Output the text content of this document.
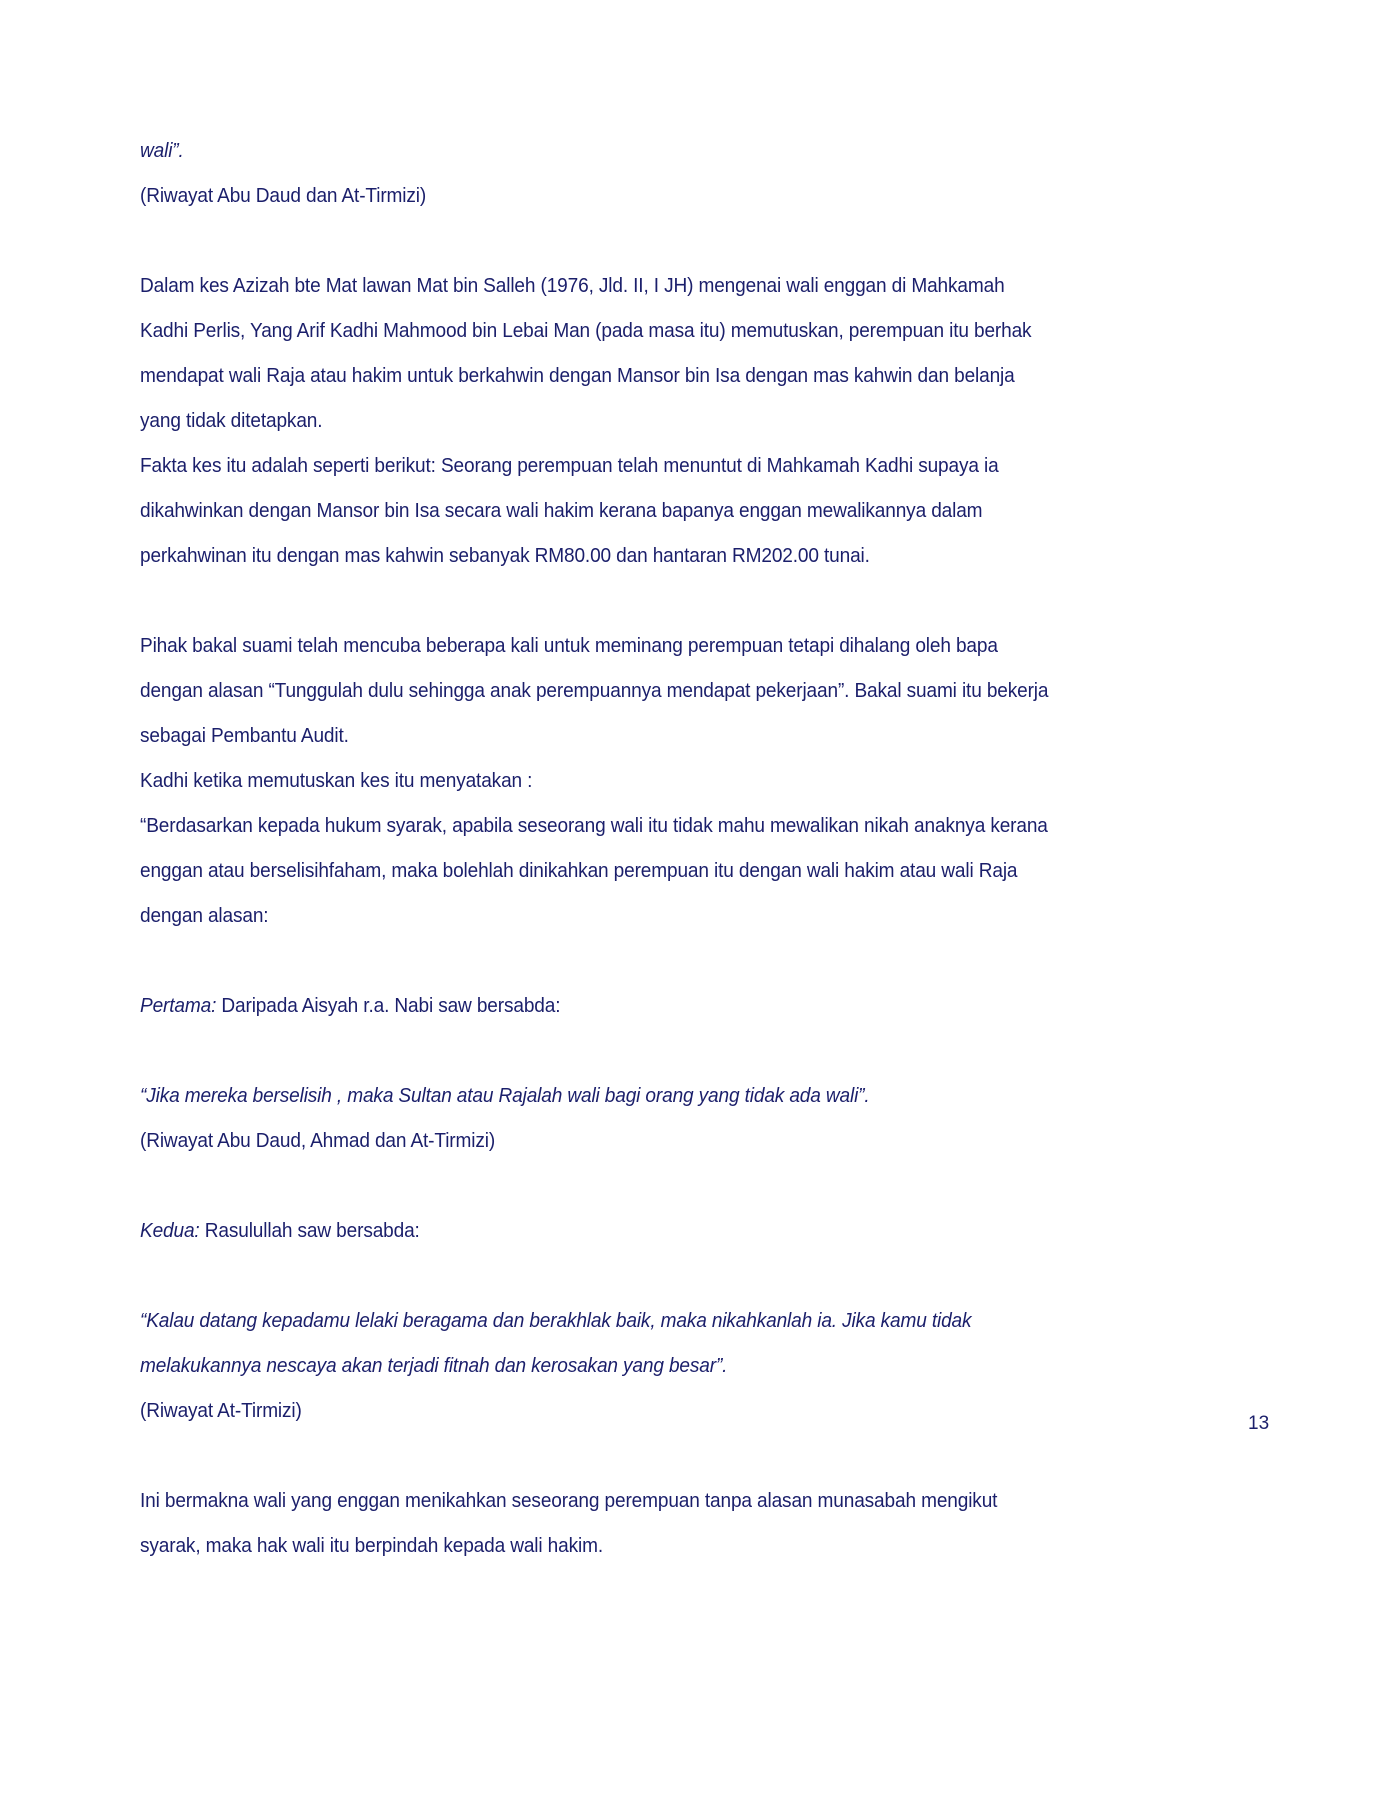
wali”.

(Riwayat Abu Daud dan At-Tirmizi)

Dalam kes Azizah bte Mat lawan Mat bin Salleh (1976, Jld. II, I JH) mengenai wali enggan di Mahkamah Kadhi Perlis, Yang Arif Kadhi Mahmood bin Lebai Man (pada masa itu) memutuskan, perempuan itu berhak mendapat wali Raja atau hakim untuk berkahwin dengan Mansor bin Isa dengan mas kahwin dan belanja yang tidak ditetapkan.

Fakta kes itu adalah seperti berikut: Seorang perempuan telah menuntut di Mahkamah Kadhi supaya ia dikahwinkan dengan Mansor bin Isa secara wali hakim kerana bapanya enggan mewalikannya dalam perkahwinan itu dengan mas kahwin sebanyak RM80.00 dan hantaran RM202.00 tunai.

Pihak bakal suami telah mencuba beberapa kali untuk meminang perempuan tetapi dihalang oleh bapa dengan alasan “Tunggulah dulu sehingga anak perempuannya mendapat pekerjaan”. Bakal suami itu bekerja sebagai Pembantu Audit.

Kadhi ketika memutuskan kes itu menyatakan :

“Berdasarkan kepada hukum syarak, apabila seseorang wali itu tidak mahu mewalikan nikah anaknya kerana enggan atau berselisihfaham, maka bolehlah dinikahkan perempuan itu dengan wali hakim atau wali Raja dengan alasan:

Pertama: Daripada Aisyah r.a. Nabi saw bersabda:

“Jika mereka berselisih , maka Sultan atau Rajalah wali bagi orang yang tidak ada wali”.

(Riwayat Abu Daud, Ahmad dan At-Tirmizi)

Kedua: Rasulullah saw bersabda:

“Kalau datang kepadamu lelaki beragama dan berakhlak baik, maka nikahkanlah ia. Jika kamu tidak melakukannya nescaya akan terjadi fitnah dan kerosakan yang besar”.

(Riwayat At-Tirmizi)

Ini bermakna wali yang enggan menikahkan seseorang perempuan tanpa alasan munasabah mengikut syarak, maka hak wali itu berpindah kepada wali hakim.

13
